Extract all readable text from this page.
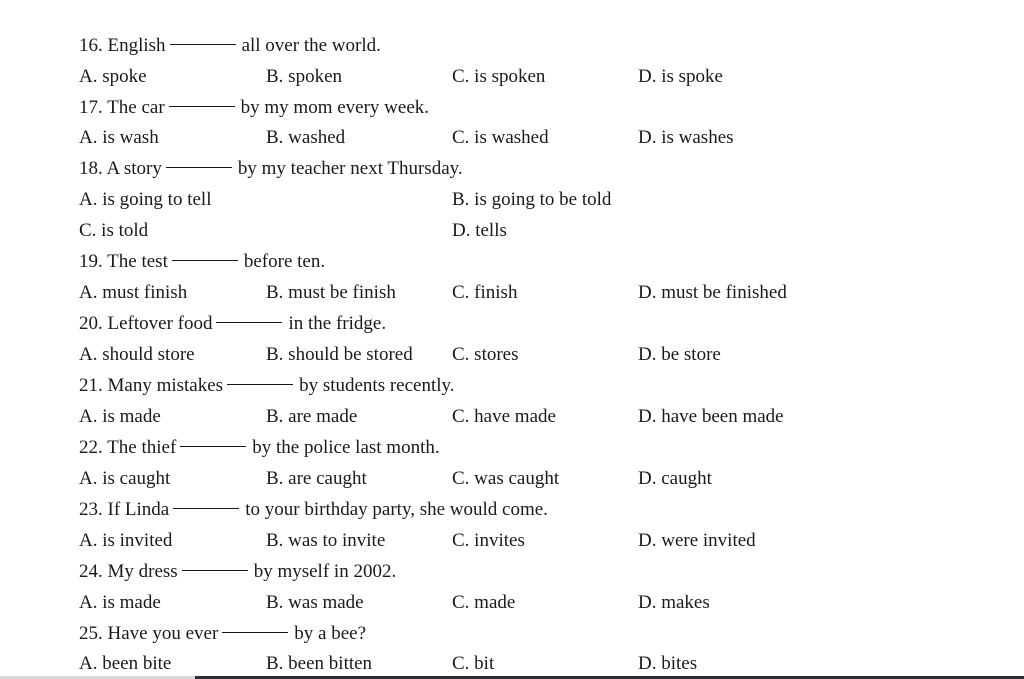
16. English	all over the world.
A. spoke	B. spoken	C. is spoken	D. is spoke
17. The car	by my mom every week.
A. is wash	B. washed	C. is washed	D. is washes
18. A story	by my teacher next Thursday.
A. is going to tell	B. is going to be told
C. is told	D. tells
19. The test	before ten.
A. must finish	B. must be finish	C. finish	D. must be finished
20. Leftover food	in the fridge.
A. should store	B. should be stored C. stores	D. be store
21. Many mistakes	by students recently.
A. is made	B. are made	C. have made	D. have been made
22. The thief	by the police last month.
A. is caught	B. are caught	C. was caught	D. caught
23. If Linda	to your birthday party, she would come.
A. is invited	B. was to invite	C. invites	D. were invited
24. My dress	by myself in 2002.
A. is made	B. was made	C. made	D. makes
25. Have you ever	by a bee?
A. been bite	B. been bitten	C. bit	D. bites
